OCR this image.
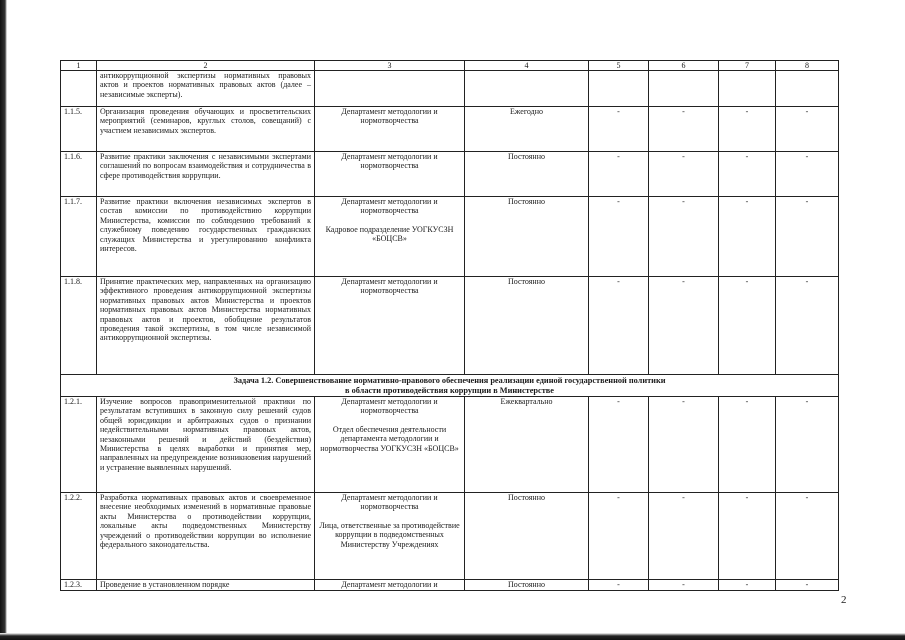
1	2	3	4	5	6	7	8
	антикоррупционной экспертизы нормативных правовых актов и проектов нормативных правовых актов (далее – независимые эксперты).						
1.1.5.	Организация проведения обучающих и просветительских мероприятий (семинаров, круглых столов, совещаний) с участием независимых экспертов.	Департамент методологии и нормотворчества	Ежегодно	-	-	-	-
1.1.6.	Развитие практики заключения с независимыми экспертами соглашений по вопросам взаимодействия и сотрудничества в сфере противодействия коррупции.	Департамент методологии и нормотворчества	Постоянно	-	-	-	-
1.1.7.	Развитие практики включения независимых экспертов в состав комиссии по противодействию коррупции Министерства, комиссии по соблюдению требований к служебному поведению государственных гражданских служащих Министерства и урегулированию конфликта интересов.	Департамент методологии и нормотворчества
Кадровое подразделение УОГКУСЗН «БОЦСВ»	Постоянно	-	-	-	-
1.1.8.	Принятие практических мер, направленных на организацию эффективного проведения антикоррупционной экспертизы нормативных правовых актов Министерства и проектов нормативных правовых актов Министерства нормативных правовых актов и проектов, обобщение результатов проведения такой экспертизы, в том числе независимой антикоррупционной экспертизы.	Департамент методологии и нормотворчества	Постоянно	-	-	-	-

Задача 1.2. Совершенствование нормативно-правового обеспечения реализации единой государственной политики
в области противодействия коррупции в Министерстве							

1.2.1.	Изучение вопросов правоприменительной практики по результатам вступивших в законную силу решений судов общей юрисдикции и арбитражных судов о признании недействительными нормативных правовых актов, незаконными решений и действий (бездействия) Министерства в целях выработки и принятия мер, направленных на предупреждение возникновения нарушений и устранение выявленных нарушений.	Департамент методологии и нормотворчества
Отдел обеспечения деятельности департамента методологии и нормотворчества УОГКУСЗН «БОЦСВ»	Ежеквартально	-	-	-	-
1.2.2.	Разработка нормативных правовых актов и своевременное внесение необходимых изменений в нормативные правовые акты Министерства о противодействии коррупции, локальные акты подведомственных Министерству учреждений о противодействии коррупции во исполнение федерального законодательства.	Департамент методологии и нормотворчества
Лица, ответственные за противодействие коррупции в подведомственных Министерству Учреждениях	Постоянно	-	-	-	-
1.2.3.	Проведение в установленном порядке	Департамент методологии и	Постоянно	-	-	-	-
2
